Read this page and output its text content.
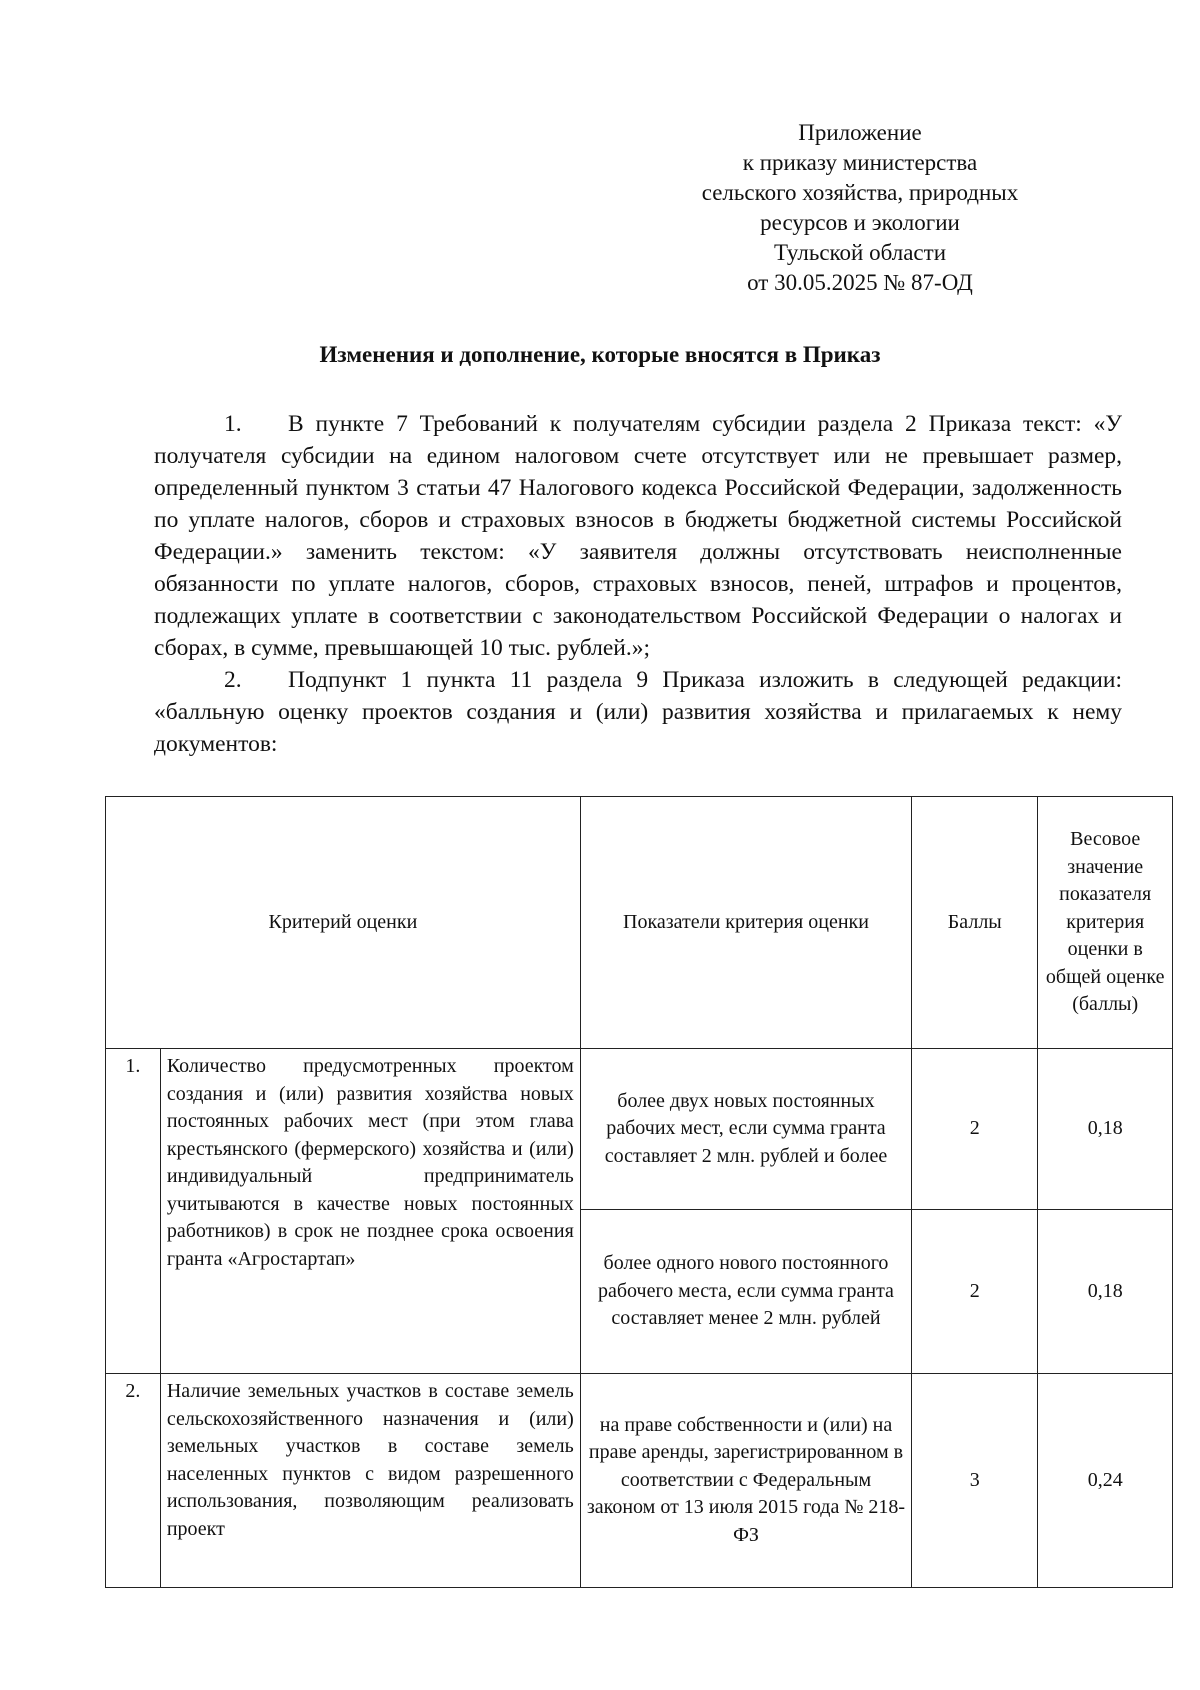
Приложение
к приказу министерства
сельского хозяйства, природных
ресурсов и экологии
Тульской области
от 30.05.2025 № 87-ОД
Изменения и дополнение, которые вносятся в Приказ

1. В пункте 7 Требований к получателям субсидии раздела 2 Приказа текст: «У получателя субсидии на едином налоговом счете отсутствует или не превышает размер, определенный пунктом 3 статьи 47 Налогового кодекса Российской Федерации, задолженность по уплате налогов, сборов и страховых взносов в бюджеты бюджетной системы Российской Федерации.» заменить текстом: «У заявителя должны отсутствовать неисполненные обязанности по уплате налогов, сборов, страховых взносов, пеней, штрафов и процентов, подлежащих уплате в соответствии с законодательством Российской Федерации о налогах и сборах, в сумме, превышающей 10 тыс. рублей.»;

2. Подпункт 1 пункта 11 раздела 9 Приказа изложить в следующей редакции: «балльную оценку проектов создания и (или) развития хозяйства и прилагаемых к нему документов:

Критерий оценки		Показатели критерия оценки	Баллы	Весовое значение показателя критерия оценки в общей оценке (баллы)
1.	Количество предусмотренных проектом создания и (или) развития хозяйства новых постоянных рабочих мест (при этом глава крестьянского (фермерского) хозяйства и (или) индивидуальный предприниматель учитываются в качестве новых постоянных работников) в срок не позднее срока освоения гранта «Агростартап»	более двух новых постоянных рабочих мест, если сумма гранта составляет 2 млн. рублей и более	2	0,18
		более одного нового постоянного рабочего места, если сумма гранта составляет менее 2 млн. рублей	2	0,18
2.	Наличие земельных участков в составе земель сельскохозяйственного назначения и (или) земельных участков в составе земель населенных пунктов с видом разрешенного использования, позволяющим реализовать проект	на праве собственности и (или) на праве аренды, зарегистрированном в соответствии с Федеральным законом от 13 июля 2015 года № 218-ФЗ	3	0,24
